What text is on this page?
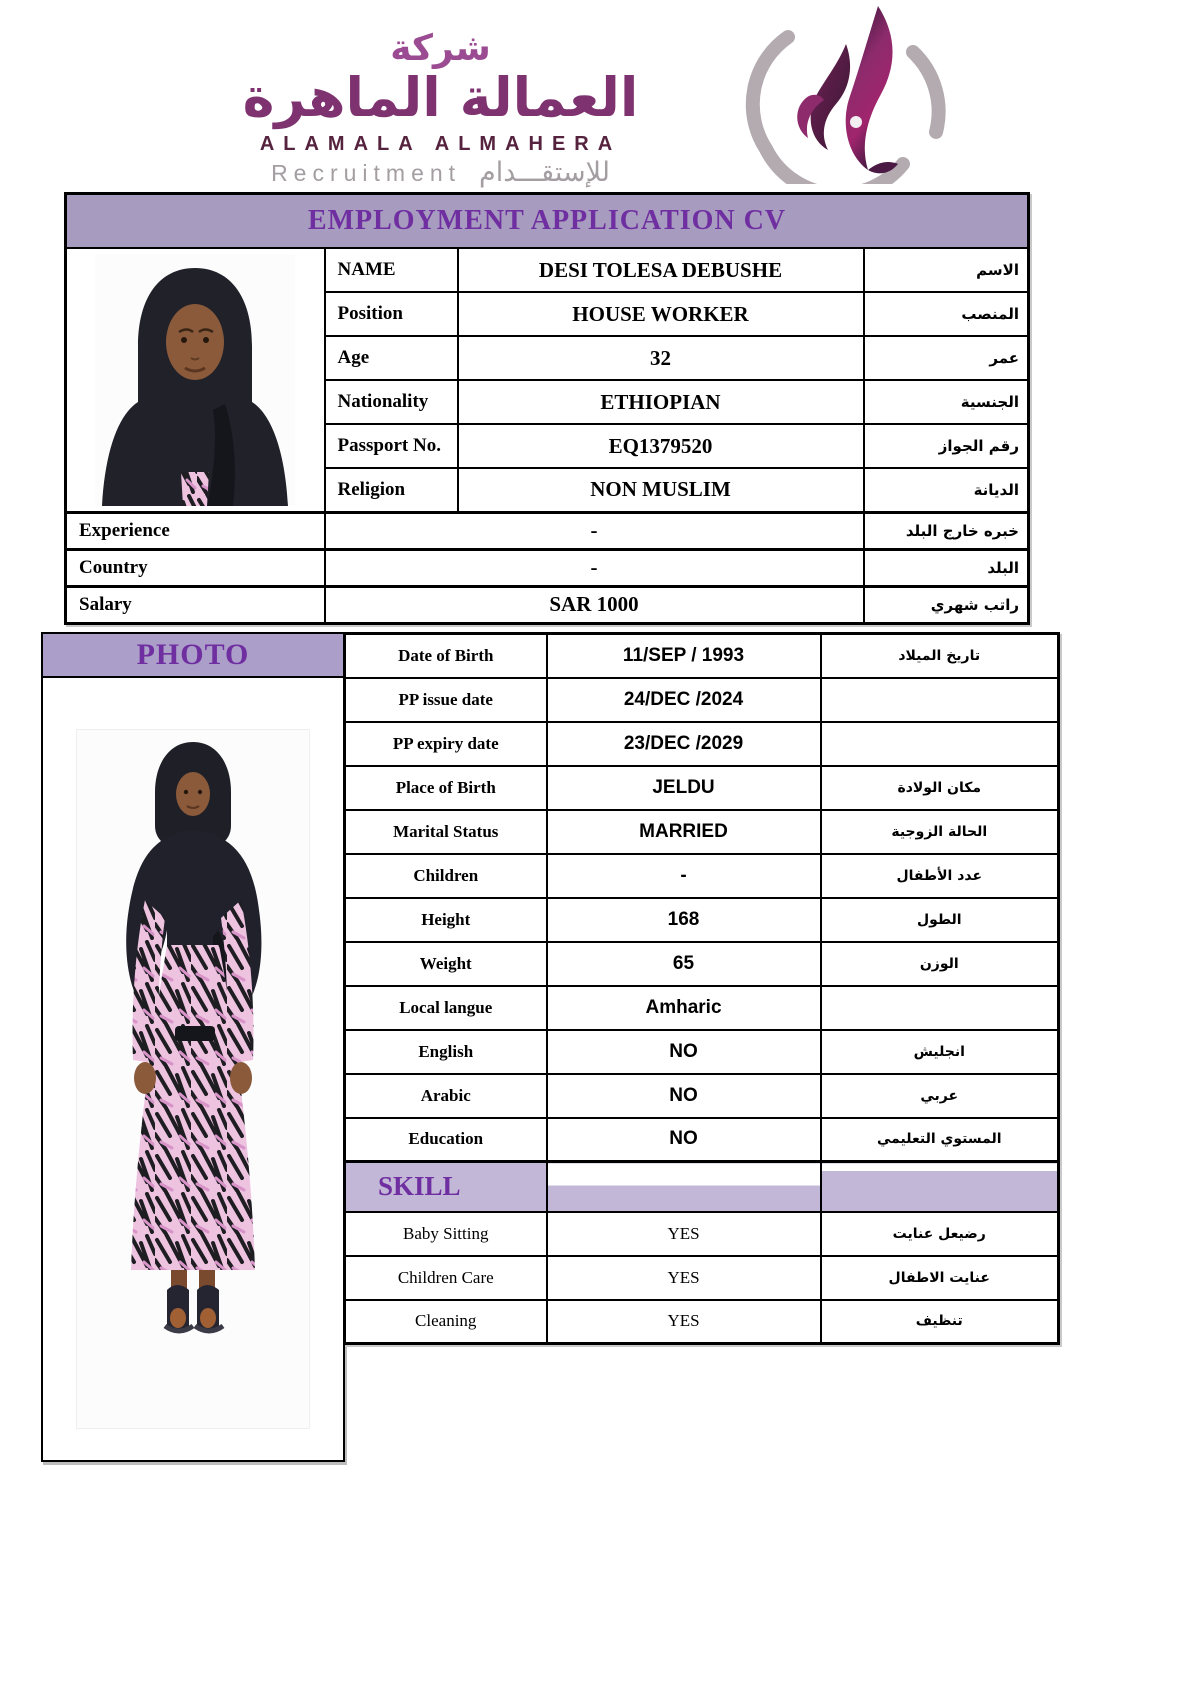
شركة
العمالة الماهرة
ALAMALA ALMAHERA
Recruitment للإستقـــدام
EMPLOYMENT APPLICATION CV			
	NAME	DESI TOLESA DEBUSHE	الاسم
	Position	HOUSE WORKER	المنصب
	Age	32	عمر
	Nationality	ETHIOPIAN	الجنسية
	Passport No.	EQ1379520	رقم الجواز
	Religion	NON MUSLIM	الديانة
Experience	-		خبره خارج البلد
Country	-		البلد
Salary	SAR 1000		راتب شهري
PHOTO	Date of Birth	11/SEP / 1993	تاريخ الميلاد
PP issue date	24/DEC /2024	
PP expiry date	23/DEC /2029	
Place of Birth	JELDU	مكان الولادة
Marital Status	MARRIED	الحالة الزوجية
Children	-	عدد الأطفال
Height	168	الطول
Weight	65	الوزن
Local langue	Amharic	
English	NO	انجليش
Arabic	NO	عربي
Education	NO	المستوي التعليمي
SKILL		
Baby Sitting	YES	رضيعل عنايت
Children Care	YES	عنايت الاطفال
Cleaning	YES	تنظيف
